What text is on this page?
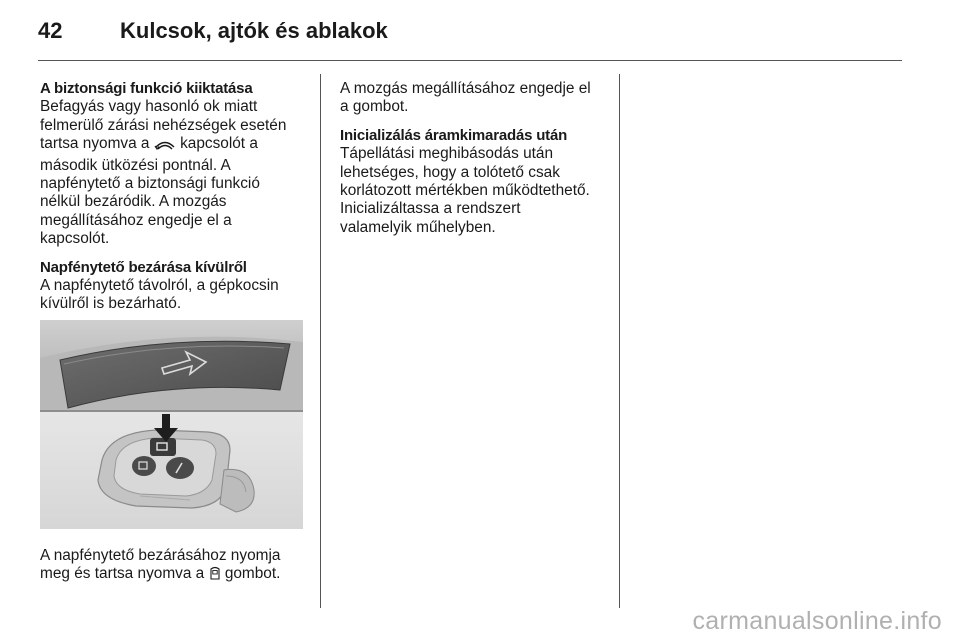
42	Kulcsok, ajtók és ablakok
A biztonsági funkció kiiktatása
Befagyás vagy hasonló ok miatt
felmerülő zárási nehézségek esetén
tartsa nyomva a kapcsolót a
második ütközési pontnál. A
napfénytető a biztonsági funkció
nélkül bezáródik. A mozgás
megállításához engedje el a
kapcsolót.
Napfénytető bezárása kívülről
A napfénytető távolról, a gépkocsin
kívülről is bezárható.
A napfénytető bezárásához nyomja
meg és tartsa nyomva a gombot.
A mozgás megállításához engedje el
a gombot.
Inicializálás áramkimaradás után
Tápellátási meghibásodás után
lehetséges, hogy a tolótető csak
korlátozott mértékben működtethető.
Inicializáltassa a rendszert
valamelyik műhelyben.
carmanualsonline.info
